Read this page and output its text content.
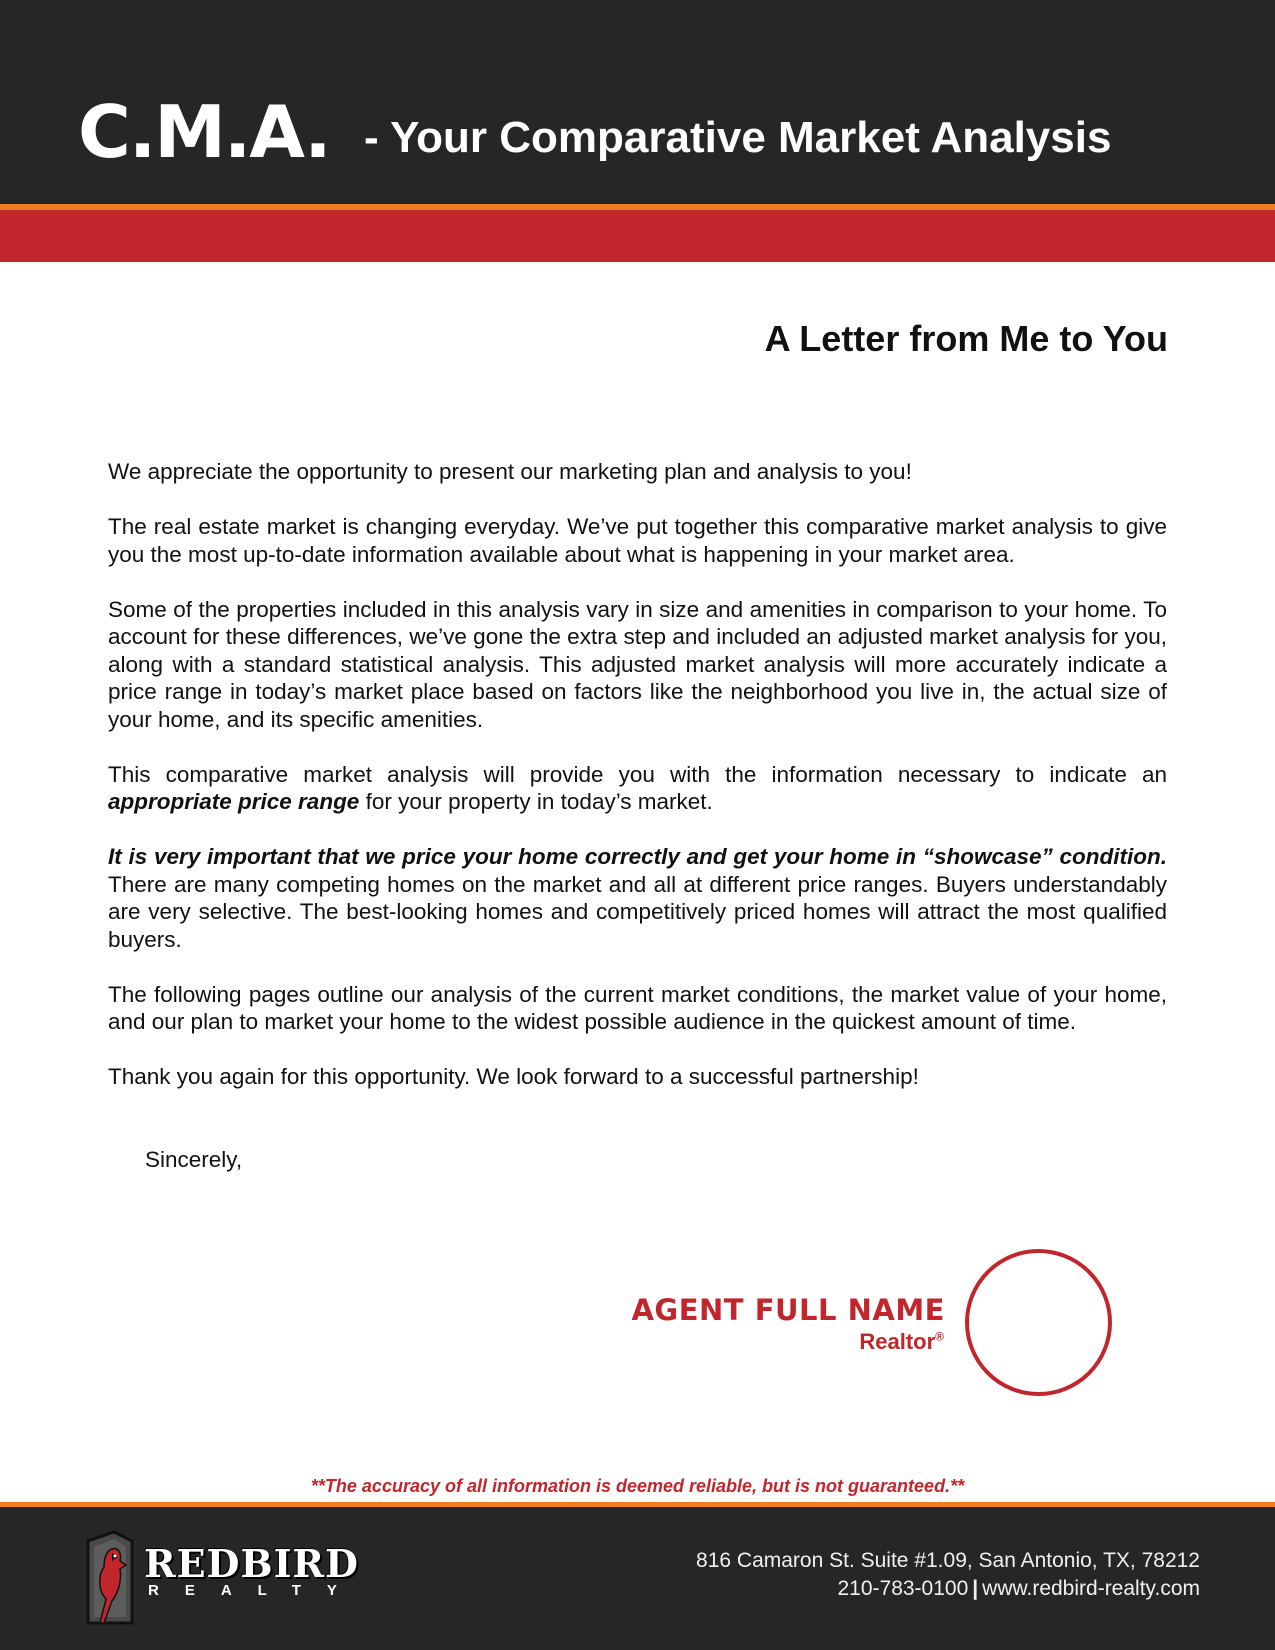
C.M.A. - Your Comparative Market Analysis
A Letter from Me to You

We appreciate the opportunity to present our marketing plan and analysis to you!

The real estate market is changing everyday. We’ve put together this comparative market analysis to give you the most up-to-date information available about what is happening in your market area.

Some of the properties included in this analysis vary in size and amenities in comparison to your home. To account for these differences, we’ve gone the extra step and included an adjusted market analysis for you, along with a standard statistical analysis. This adjusted market analysis will more accurately indicate a price range in today’s market place based on factors like the neighborhood you live in, the actual size of your home, and its specific amenities.

This comparative market analysis will provide you with the information necessary to indicate an appropriate price range for your property in today’s market.

It is very important that we price your home correctly and get your home in “showcase” condition. There are many competing homes on the market and all at different price ranges. Buyers understandably are very selective. The best-looking homes and competitively priced homes will attract the most qualified buyers.

The following pages outline our analysis of the current market conditions, the market value of your home, and our plan to market your home to the widest possible audience in the quickest amount of time.

Thank you again for this opportunity. We look forward to a successful partnership!

Sincerely,
AGENT FULL NAME
Realtor®
**The accuracy of all information is deemed reliable, but is not guaranteed.**
REDBIRD
REALTY
816 Camaron St. Suite #1.09, San Antonio, TX, 78212
210-783-0100 | www.redbird-realty.com
